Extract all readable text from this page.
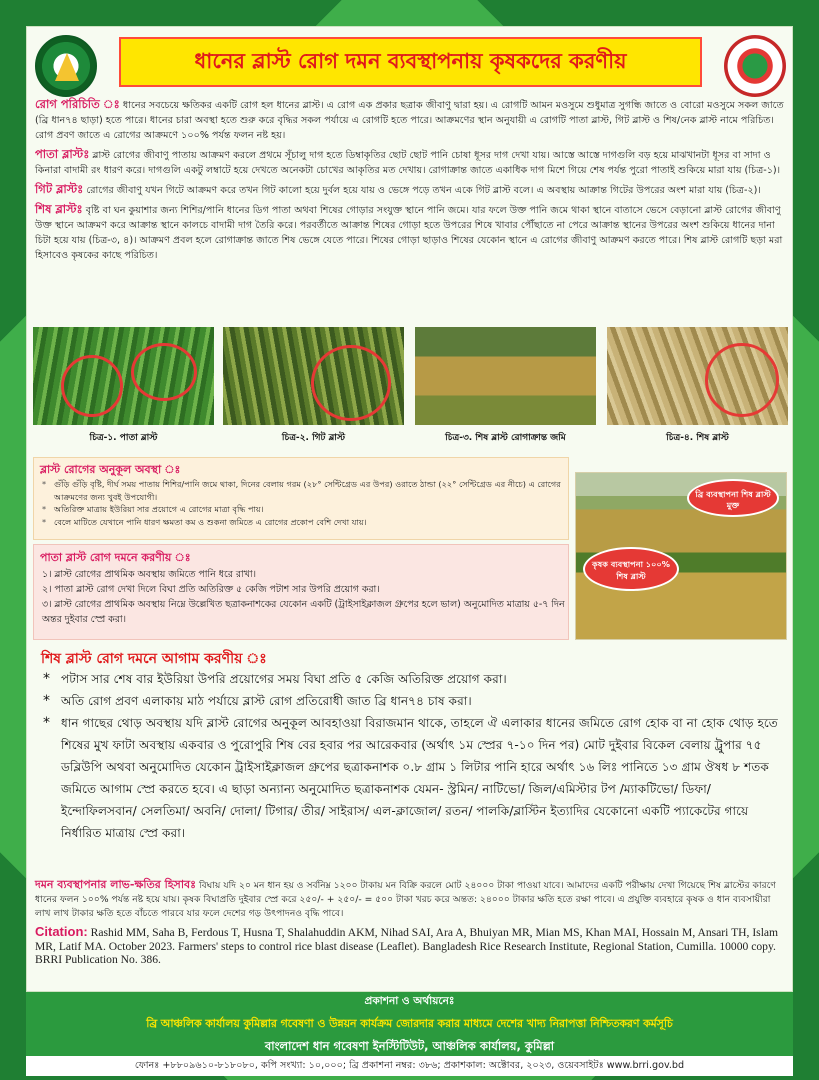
ধানের ব্লাস্ট রোগ দমন ব্যবস্থাপনায় কৃষকদের করণীয়

রোগ পরিচিতি ঃ ধানের সবচেয়ে ক্ষতিকর একটি রোগ হল ধানের ব্লাস্ট। এ রোগ এক প্রকার ছত্রাক জীবাণু দ্বারা হয়। এ রোগটি আমন মওসুমে শুধুমাত্র সুগন্ধি জাতে ও বোরো মওসুমে সকল জাতে (ব্রি ধান৭৪ ছাড়া) হতে পারে। ধানের চারা অবস্থা হতে শুরু করে বৃদ্ধির সকল পর্যায়ে এ রোগটি হতে পারে। আক্রমণের স্থান অনুযায়ী এ রোগটি পাতা ব্লাস্ট, গিট ব্লাস্ট ও শিষ/নেক ব্লাস্ট নামে পরিচিত। রোগ প্রবণ জাতে এ রোগের আক্রমণে ১০০% পর্যন্ত ফলন নষ্ট হয়।

পাতা ব্লাস্টঃ ব্লাস্ট রোগের জীবাণু পাতায় আক্রমণ করলে প্রথমে সূঁচালু দাগ হতে ডিম্বাকৃতির ছোট ছোট পানি চোষা ধূসর দাগ দেখা যায়। আস্তে আস্তে দাগগুলি বড় হয়ে মাঝখানটা ধূসর বা সাদা ও কিনারা বাদামী রং ধারণ করে। দাগগুলি একটু লম্বাটে হয়ে দেখতে অনেকটা চোখের আকৃতির মত দেখায়। রোগাক্রান্ত জাতে একাধিক দাগ মিশে গিয়ে শেষ পর্যন্ত পুরো পাতাই শুকিয়ে মারা যায় (চিত্র-১)।

গিট ব্লাস্টঃ রোগের জীবাণু যখন গিটে আক্রমণ করে তখন গিট কালো হয়ে দুর্বল হয়ে যায় ও ভেঙ্গে পড়ে তখন একে গিট ব্লাস্ট বলে। এ অবস্থায় আক্রান্ত গিটের উপরের অংশ মারা যায় (চিত্র-২)।

শিষ ব্লাস্টঃ বৃষ্টি বা ঘন কুয়াশার জন্য শিশির/পানি ধানের ডিগ পাতা অথবা শিষের গোড়ার সংযুক্ত স্থানে পানি জমে। যার ফলে উক্ত পানি জমে থাকা স্থানে বাতাসে ভেসে বেড়ানো ব্লাস্ট রোগের জীবাণু উক্ত স্থানে আক্রমণ করে আক্রান্ত স্থানে কালচে বাদামী দাগ তৈরি করে। পরবর্তীতে আক্রান্ত শিষের গোড়া হতে উপরের শিষে খাবার পৌঁছাতে না পেরে আক্রান্ত স্থানের উপরের অংশ শুকিয়ে ধানের দানা চিটা হয়ে যায় (চিত্র-৩, ৪)। আক্রমণ প্রবল হলে রোগাক্রান্ত জাতে শিষ ভেঙ্গে যেতে পারে। শিষের গোড়া ছাড়াও শিষের যেকোন স্থানে এ রোগের জীবাণু আক্রমণ করতে পারে। শিষ ব্লাস্ট রোগটি ছড়া মরা হিসাবেও কৃষকের কাছে পরিচিত।

চিত্র-১. পাতা ব্লাস্ট	চিত্র-২. গিট ব্লাস্ট	চিত্র-৩. শিষ ব্লাস্ট রোগাক্রান্ত জমি	চিত্র-৪. শিষ ব্লাস্ট
ব্লাস্ট রোগের অনুকূল অবস্থা ঃ
* গুঁড়ি গুঁড়ি বৃষ্টি, দীর্ঘ সময় পাতায় শিশির/পানি জমে থাকা, দিনের বেলায় গরম (২৮° সেন্টিগ্রেড এর উপর) ওরাতে ঠান্ডা (২২° সেন্টিগ্রেড এর নীচে) এ রোগের আক্রমণের জন্য খুবই উপযোগী।
* অতিরিক্ত মাত্রায় ইউরিয়া সার প্রয়োগে এ রোগের মাত্রা বৃদ্ধি পায়।
* বেলে মাটিতে যেখানে পানি ধারণ ক্ষমতা কম ও শুকনা জমিতে এ রোগের প্রকোপ বেশি দেখা যায়।
পাতা ব্লাস্ট রোগ দমনে করণীয় ঃ
১। ব্লাস্ট রোগের প্রাথমিক অবস্থায় জমিতে পানি ধরে রাখা।
২। পাতা ব্লাস্ট রোগ দেখা দিলে বিঘা প্রতি অতিরিক্ত ৫ কেজি পটাশ সার উপরি প্রয়োগ করা।
৩। ব্লাস্ট রোগের প্রাথমিক অবস্থায় নিম্নে উল্লেখিত ছত্রাকনাশকের যেকোন একটি (ট্রাইসাইক্লাজল গ্রুপের হলে ভাল) অনুমোদিত মাত্রায় ৫-৭ দিন অন্তর দুইবার স্প্রে করা।
ব্রি ব্যবস্থাপনা শিষ ব্লাস্ট মুক্ত
কৃষক ব্যবস্থাপনা ১০০% শিষ ব্লাস্ট
শিষ ব্লাস্ট রোগ দমনে আগাম করণীয় ঃ
* পটাস সার শেষ বার ইউরিয়া উপরি প্রয়োগের সময় বিঘা প্রতি ৫ কেজি অতিরিক্ত প্রয়োগ করা।
* অতি রোগ প্রবণ এলাকায় মাঠ পর্যায়ে ব্লাস্ট রোগ প্রতিরোধী জাত ব্রি ধান৭৪ চাষ করা।
* ধান গাছের থোড় অবস্থায় যদি ব্লাস্ট রোগের অনুকূল আবহাওয়া বিরাজমান থাকে, তাহলে ঐ এলাকার ধানের জমিতে রোগ হোক বা না হোক থোড় হতে শিষের মুখ ফাটা অবস্থায় একবার ও পুরোপুরি শিষ বের হবার পর আরেকবার (অর্থাৎ ১ম স্প্রের ৭-১০ দিন পর) মোট দুইবার বিকেল বেলায় ট্রুপার ৭৫ ডব্লিউপি অথবা অনুমোদিত যেকোন ট্রাইসাইক্লাজল গ্রুপের ছত্রাকনাশক ০.৮ গ্রাম ১ লিটার পানি হারে অর্থাৎ ১৬ লিঃ পানিতে ১৩ গ্রাম ঔষধ ৮ শতক জমিতে আগাম স্প্রে করতে হবে। এ ছাড়া অন্যান্য অনুমোদিত ছত্রাকনাশক যেমন- স্ট্রমিন/ নাটিভো/ জিল/এমিস্টার টপ /ম্যাকটিভো/ ডিফা/ ইন্দোফিলসবান/ সেলতিমা/ অবনি/ দোলা/ টিগার/ তীর/ সাইরাস/ এল-ক্লাজোল/ রতন/ পালকি/ব্লাস্টিন ইত্যাদির যেকোনো একটি প্যাকেটের গায়ে নির্ধারিত মাত্রায় স্প্রে করা।

দমন ব্যবস্থাপনার লাভ-ক্ষতির হিসাবঃ বিঘায় যদি ২০ মন ধান হয় ও সর্বনিম্ন ১২০০ টাকায় মন বিক্রি করলে মোট ২৪০০০ টাকা পাওয়া যাবে। আমাদের একটি পরীক্ষায় দেখা গিয়েছে শিষ ব্লাস্টের কারণে ধানের ফলন ১০০% পর্যন্ত নষ্ট হয়ে যায়। কৃষক বিঘাপ্রতি দুইবার স্প্রে করে ২৫০/- + ২৫০/- = ৫০০ টাকা খরচ করে অন্তত: ২৪০০০ টাকার ক্ষতি হতে রক্ষা পাবে। এ প্রযুক্তি ব্যবহারে কৃষক ও ধান ব্যবসায়ীরা লাখ লাখ টাকার ক্ষতি হতে বাঁচতে পারবে যার ফলে দেশের গড় উৎপাদনও বৃদ্ধি পাবে।

Citation: Rashid MM, Saha B, Ferdous T, Husna T, Shalahuddin AKM, Nihad SAI, Ara A, Bhuiyan MR, Mian MS, Khan MAI, Hossain M, Ansari TH, Islam MR, Latif MA. October 2023. Farmers' steps to control rice blast disease (Leaflet). Bangladesh Rice Research Institute, Regional Station, Cumilla. 10000 copy. BRRI Publication No. 386.

প্রকাশনা ও অর্থায়নেঃ
ব্রি আঞ্চলিক কার্যালয় কুমিল্লার গবেষণা ও উন্নয়ন কার্যক্রম জোরদার করার মাধ্যমে দেশের খাদ্য নিরাপত্তা নিশ্চিতকরণ কর্মসূচি
বাংলাদেশ ধান গবেষণা ইনস্টিটিউট, আঞ্চলিক কার্যালয়, কুমিল্লা
ফোনঃ +৮৮০৯৬১০-৮১৮০৮০, কপি সংখ্যা: ১০,০০০; ব্রি প্রকাশনা নম্বর: ৩৮৬; প্রকাশকাল: অক্টোবর, ২০২৩, ওয়েবসাইটঃ www.brri.gov.bd
